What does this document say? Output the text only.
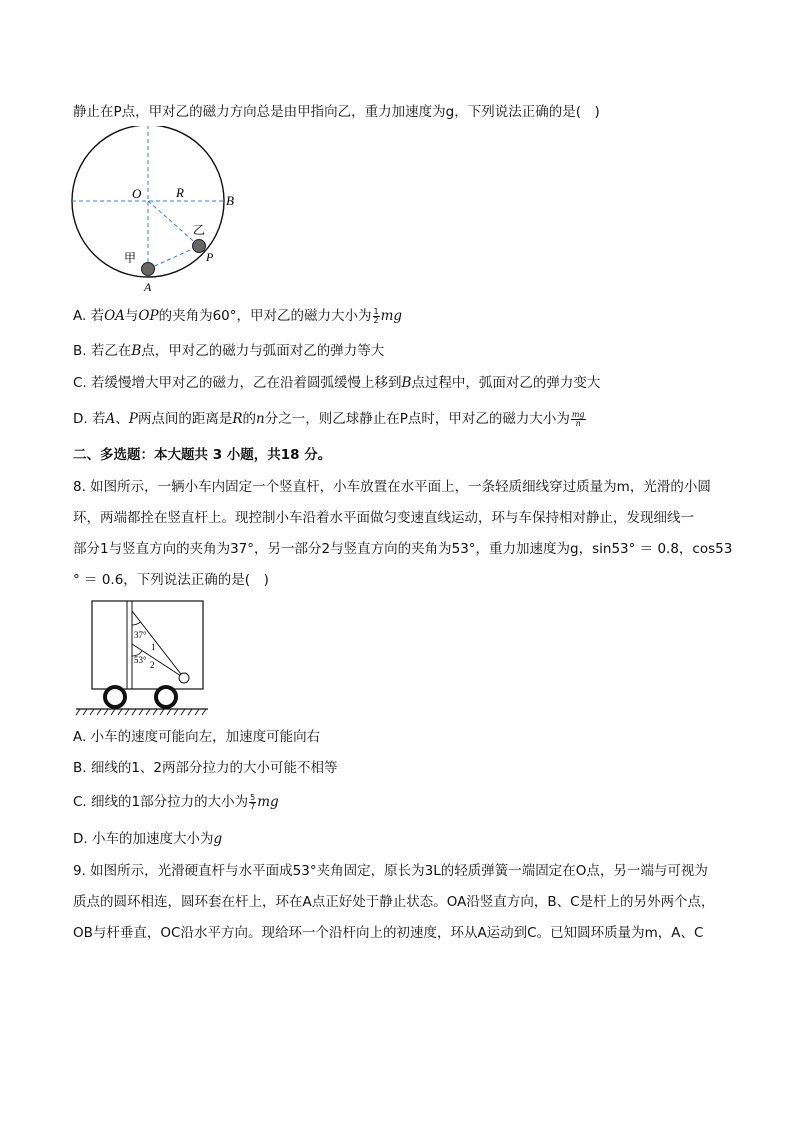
静止在P点，甲对乙的磁力方向总是由甲指向乙，重力加速度为g，下列说法正确的是(　)
O	R
B
乙
P
甲
A
A. 若OA与OP的夹角为60°，甲对乙的磁力大小为 $\frac{1}{2}$ mg
B. 若乙在B点，甲对乙的磁力与弧面对乙的弹力等大
C. 若缓慢增大甲对乙的磁力，乙在沿着圆弧缓慢上移到B点过程中，弧面对乙的弹力变大
D. 若A、P两点间的距离是R的n分之一，则乙球静止在P点时，甲对乙的磁力大小为 $\frac{mg}{n}$
二、多选题：本大题共 3 小题，共18 分。
8. 如图所示，一辆小车内固定一个竖直杆，小车放置在水平面上，一条轻质细线穿过质量为m，光滑的小圆
环，两端都拴在竖直杆上。现控制小车沿着水平面做匀变速直线运动，环与车保持相对静止，发现细线一
部分1与竖直方向的夹角为37°，另一部分2与竖直方向的夹角为53°，重力加速度为g，sin53° ＝ 0.8，cos53
° ＝ 0.6，下列说法正确的是(　)
37°
53°
1
2
A. 小车的速度可能向左，加速度可能向右
B. 细线的1、2两部分拉力的大小可能不相等
C. 细线的1部分拉力的大小为 $\frac{5}{7}$ mg
D. 小车的加速度大小为g
9. 如图所示，光滑硬直杆与水平面成53°夹角固定，原长为3L的轻质弹簧一端固定在O点，另一端与可视为
质点的圆环相连，圆环套在杆上，环在A点正好处于静止状态。OA沿竖直方向，B、C是杆上的另外两个点，
OB与杆垂直，OC沿水平方向。现给环一个沿杆向上的初速度，环从A运动到C。已知圆环质量为m，A、C
